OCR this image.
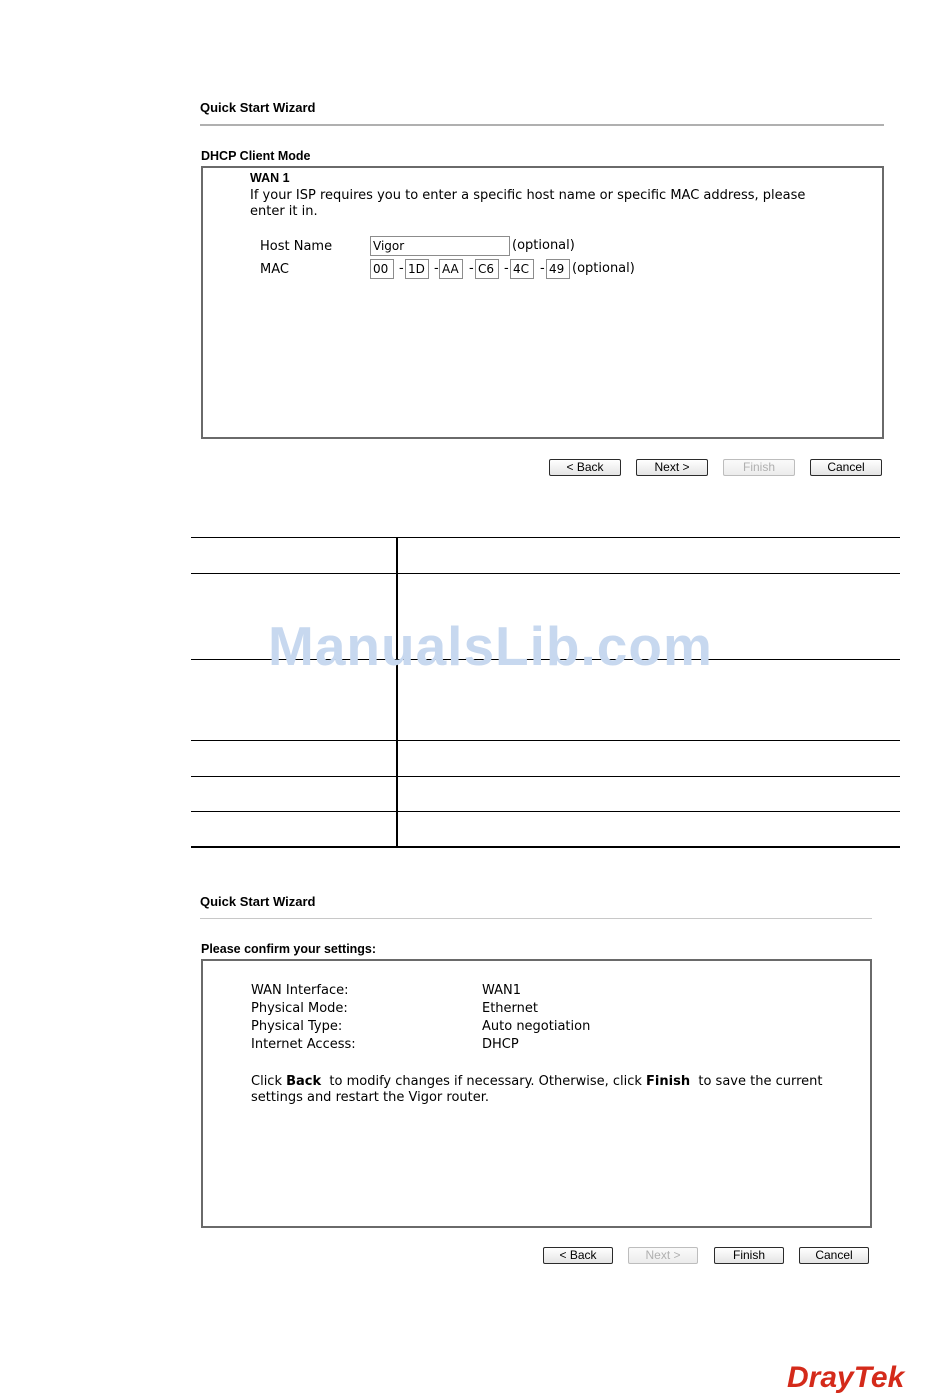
Quick Start Wizard
DHCP Client Mode
WAN 1
If your ISP requires you to enter a specific host name or specific MAC address, please
enter it in.
Host Name	Vigor	(optional)
MAC	00 - 1D - AA - C6 - 4C - 49 (optional)
< Back	Next >	Finish	Cancel
ManualsLib.com
Quick Start Wizard
Please confirm your settings:
WAN Interface:	WAN1
Physical Mode:	Ethernet
Physical Type:	Auto negotiation
Internet Access:	DHCP
Click Back  to modify changes if necessary. Otherwise, click Finish  to save the current
settings and restart the Vigor router.
< Back	Next >	Finish	Cancel
DrayTek
